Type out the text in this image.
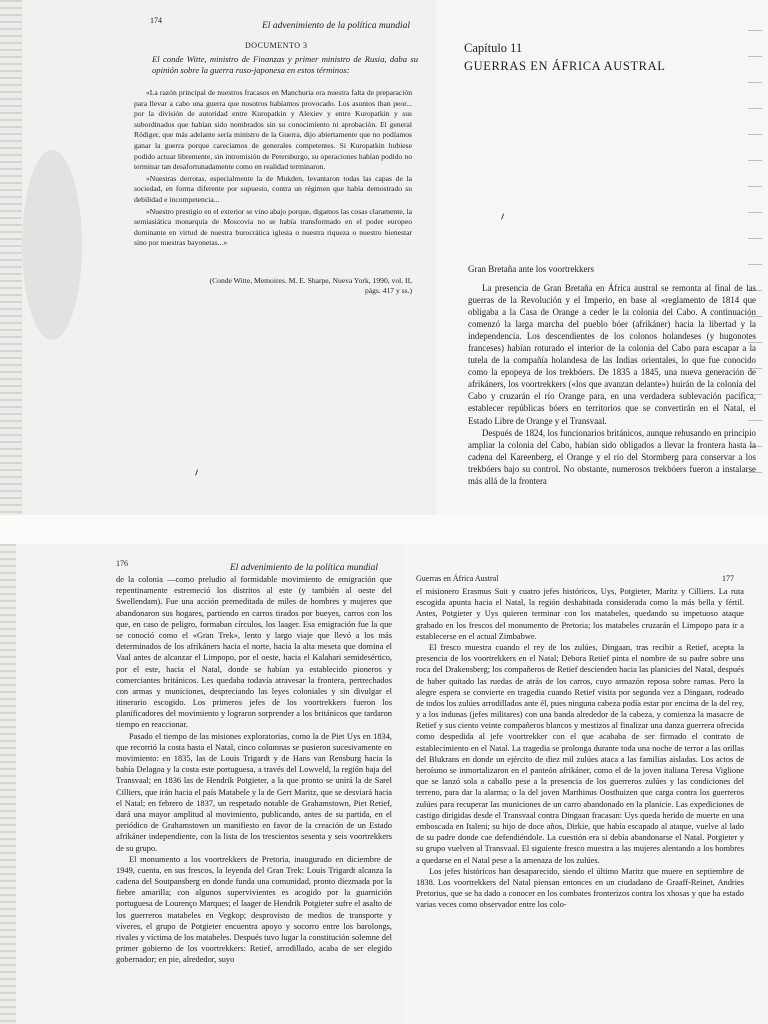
174
El advenimiento de la política mundial
DOCUMENTO 3
El conde Witte, ministro de Finanzas y primer ministro de Rusia, daba su opinión sobre la guerra ruso-japonesa en estos términos:

«La razón principal de nuestros fracasos en Manchuria era nuestra falta de preparación para llevar a cabo una guerra que nosotros habíamos provocado. Los asuntos iban peor... por la división de autoridad entre Kuropatkin y Alexiev y entre Kuropatkin y sus subordinados que habían sido nombrados sin su conocimiento ni aprobación. El general Rödiger, que más adelante sería ministro de la Guerra, dijo abiertamente que no podíamos ganar la guerra porque careciamos de generales competentes. Si Kuropatkin hubiese podido actuar libremente, sin intromisión de Petersburgo, su operaciones habían podido no terminar tan desafortunadamente como en realidad terminaron.

»Nuestras derrotas, especialmente la de Mukden, levantaron todas las capas de la sociedad, en forma diferente por supuesto, contra un régimen que había demostrado su debilidad e incompetencia...

»Nuestro prestigio en el exterior se vino abajo porque, digamos las cosas claramente, la semiasiática monarquía de Moscovia no se había transformado en el poder europeo dominante en virtud de nuestra burocrática iglesia o nuestra riqueza o nuestro bienestar sino por nuestras bayonetas...»

(Conde Witte, Memoires. M. E. Sharpe, Nueva York, 1990, vol. II, págs. 417 y ss.)
Capítulo 11
GUERRAS EN ÁFRICA AUSTRAL
Gran Bretaña ante los voortrekkers

La presencia de Gran Bretaña en África austral se remonta al final de las guerras de la Revolución y el Imperio, en base al «reglamento de 1814 que obligaba a la Casa de Orange a ceder le la colonia del Cabo. A continuación comenzó la larga marcha del pueblo bóer (afrikáner) hacia la libertad y la independencia. Los descendientes de los colonos holandeses (y hugonotes franceses) habían roturado el interior de la colonia del Cabo para escapar a la tutela de la compañía holandesa de las Indias orientales, lo que fue conocido como la epopeya de los trekbóers. De 1835 a 1845, una nueva generación de afrikáners, los voortrekkers («los que avanzan delante») huirán de la colonia del Cabo y cruzarán el río Orange para, en una verdadera sublevación pacífica, establecer repúblicas bóers en territorios que se convertirán en el Natal, el Estado Libre de Orange y el Transvaal.

Después de 1824, los funcionarios británicos, aunque rehusando en principio ampliar la colonia del Cabo, habían sido obligados a llevar la frontera hasta la cadena del Kareenberg, el Orange y el río del Stormberg para conservar a los trekbóers bajo su control. No obstante, numerosos trekbóers fueron a instalarse más allá de la frontera

176	El advenimiento de la política mundial

de la colonia —como preludio al formidable movimiento de emigración que repentinamente estremeció los distritos al este (y también al oeste del Swellendam). Fue una acción premeditada de miles de hombres y mujeres que abandonaron sus hogares, partiendo en carros tirados por bueyes, carros con los que, en caso de peligro, formaban círculos, los laager. Esa emigración fue la que se conoció como el «Gran Trek», lento y largo viaje que llevó a los más determinados de los afrikáners hacia el norte, hacia la alta meseta que domina el Vaal antes de alcanzar el Limpopo, por el oeste, hacia el Kalahari semidesértico, por el este, hacia el Natal, donde se habían ya establecido pioneros y comerciantes británicos. Les quedaba todavía atravesar la frontera, pertrechados con armas y municiones, despreciando las leyes coloniales y sin divulgar el itinerario escogido. Los primeros jefes de los voortrekkers fueron los planificadores del movimiento y lograron sorprender a los británicos que tardaron tiempo en reaccionar.

Pasado el tiempo de las misiones exploratorias, como la de Piet Uys en 1834, que recorrió la costa hasta el Natal, cinco columnas se pusieron sucesivamente en movimiento: en 1835, las de Louis Trigardt y de Hans van Rensburg hacia la bahía Delagoa y la costa este portuguesa, a través del Lowveld, la región baja del Transvaal; en 1836 las de Hendrik Potgieter, a la que pronto se unirá la de Sarel Cilliers, que irán hacia el país Matabele y la de Gert Maritz, que se desviará hacia el Natal; en febrero de 1837, un respetado notable de Grahamstown, Piet Retief, dará una mayor amplitud al movimiento, publicando, antes de su partida, en el periódico de Grahamstown un manifiesto en favor de la creación de un Estado afrikáner independiente, con la lista de los trescientos sesenta y seis voortrekkers de su grupo.

El monumento a los voortrekkers de Pretoria, inaugurado en diciembre de 1949, cuenta, en sus frescos, la leyenda del Gran Trek: Louis Trigardt alcanza la cadena del Soutpansberg en donde funda una comunidad, pronto diezmada por la fiebre amarilla; con algunos supervivientes es acogido por la guarnición portuguesa de Lourenço Marques; el laager de Hendrik Potgieter sufre el asalto de los guerreros matabeles en Vegkop; desprovisto de medios de transporte y víveres, el grupo de Potgieter encuentra apoyo y socorro entre los barolongs, rivales y víctima de los matabeles. Después tuvo lugar la constitución solemne del primer gobierno de los voortrekkers: Retief, arrodillado, acaba de ser elegido gobernador; en pie, alrededor, suyo

Guerras en África Austral	177

el misionero Erasmus Suit y cuatro jefes históricos, Uys, Potgieter, Maritz y Cilliers. La ruta escogida apunta hacia el Natal, la región deshabitada considerada como la más bella y fértil. Antes, Potgieter y Uys quieren terminar con los matabeles, quedando su impetuoso ataque grabado en los frescos del monumento de Pretoria; los matabeles cruzarán el Limpopo para ir a establecerse en el actual Zimbabwe.

El fresco muestra cuando el rey de los zulúes, Dingaan, tras recibir a Retief, acepta la presencia de los voortrekkers en el Natal; Debora Retief pinta el nombre de su padre sobre una roca del Drakensberg; los compañeros de Retief descienden hacia las planicies del Natal, después de haber quitado las ruedas de atrás de los carros, cuyo armazón reposa sobre ramas. Pero la alegre espera se convierte en tragedia cuando Retief visita por segunda vez a Dingaan, rodeado de todos los zulúes arrodillados ante él, pues ninguna cabeza podía estar por encima de la del rey, y a los indunas (jefes militares) con una banda alrededor de la cabeza, y comienza la masacre de Retief y sus ciento veinte compañeros blancos y mestizos al finalizar una danza guerrera ofrecida como despedida al jefe voortrekker con el que acababa de ser firmado el contrato de establecimiento en el Natal. La tragedia se prolonga durante toda una noche de terror a las orillas del Blukrans en donde un ejército de diez mil zulúes ataca a las familias aisladas. Los actos de heroísmo se inmortalizaron en el panteón afrikáner, como el de la joven italiana Teresa Viglione que se lanzó sola a caballo pese a la presencia de los guerreros zulúes y las condiciones del terreno, para dar la alarma; o la del joven Marthinus Oosthuizen que carga contra los guerreros zulúes para recuperar las municiones de un carro abandonado en la planicie. Las expediciones de castigo dirigidas desde el Transvaal contra Dingaan fracasan: Uys queda herido de muerte en una emboscada en Italeni; su hijo de doce años, Dirkie, que había escapado al ataque, vuelve al lado de su padre donde cae defendiéndole. La cuestión era si debía abandonarse el Natal. Potgieter y su grupo vuelven al Transvaal. El siguiente fresco muestra a las mujeres alentando a los hombres a quedarse en el Natal pese a la amenaza de los zulúes.

Los jefes históricos han desaparecido, siendo el último Maritz que muere en septiembre de 1838. Los voortrekkers del Natal piensan entonces en un ciudadano de Graaff-Reinet, Andries Pretorius, que se ha dado a conocer en los combates fronterizos contra los xhosas y que ha estado varias veces como observador entre los colo-
